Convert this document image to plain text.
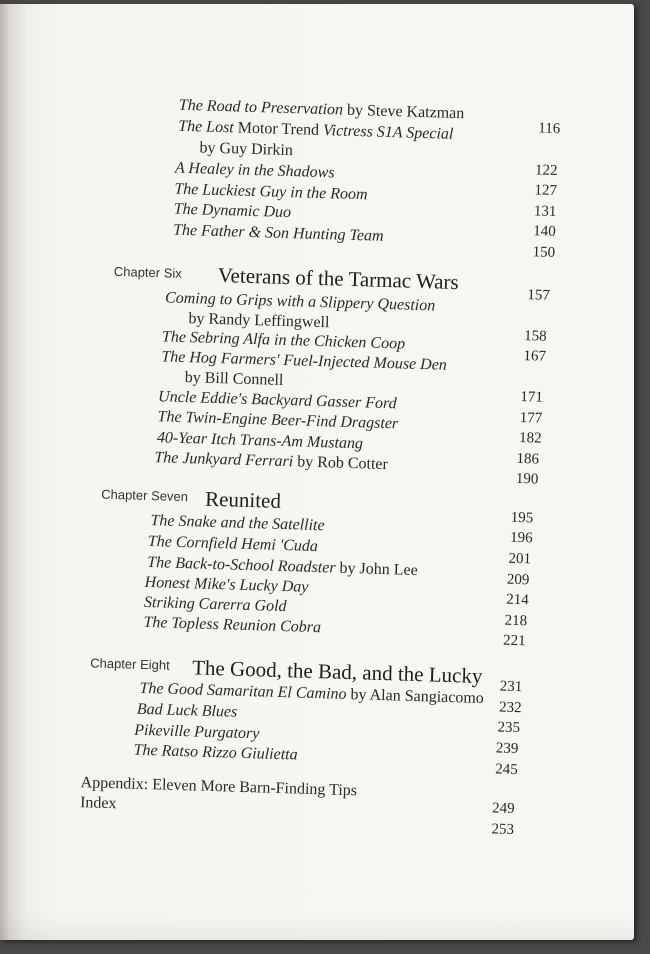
The Road to Preservation by Steve Katzman
116
The Lost Motor Trend Victress S1A Special
by Guy Dirkin
122
A Healey in the Shadows
127
The Luckiest Guy in the Room
131
The Dynamic Duo
140
The Father & Son Hunting Team
150
Chapter Six Veterans of the Tarmac Wars
157
Coming to Grips with a Slippery Question
by Randy Leffingwell
158
The Sebring Alfa in the Chicken Coop
167
The Hog Farmers' Fuel-Injected Mouse Den
by Bill Connell
171
Uncle Eddie's Backyard Gasser Ford
177
The Twin-Engine Beer-Find Dragster
182
40-Year Itch Trans-Am Mustang
186
The Junkyard Ferrari by Rob Cotter
190
Chapter Seven Reunited
195
The Snake and the Satellite
196
The Cornfield Hemi 'Cuda
201
The Back-to-School Roadster by John Lee
209
Honest Mike's Lucky Day
214
Striking Carerra Gold
218
The Topless Reunion Cobra
221
Chapter Eight The Good, the Bad, and the Lucky 231
The Good Samaritan El Camino by Alan Sangiacomo
232
Bad Luck Blues
235
Pikeville Purgatory
239
The Ratso Rizzo Giulietta
245
Appendix: Eleven More Barn-Finding Tips
249
Index
253
